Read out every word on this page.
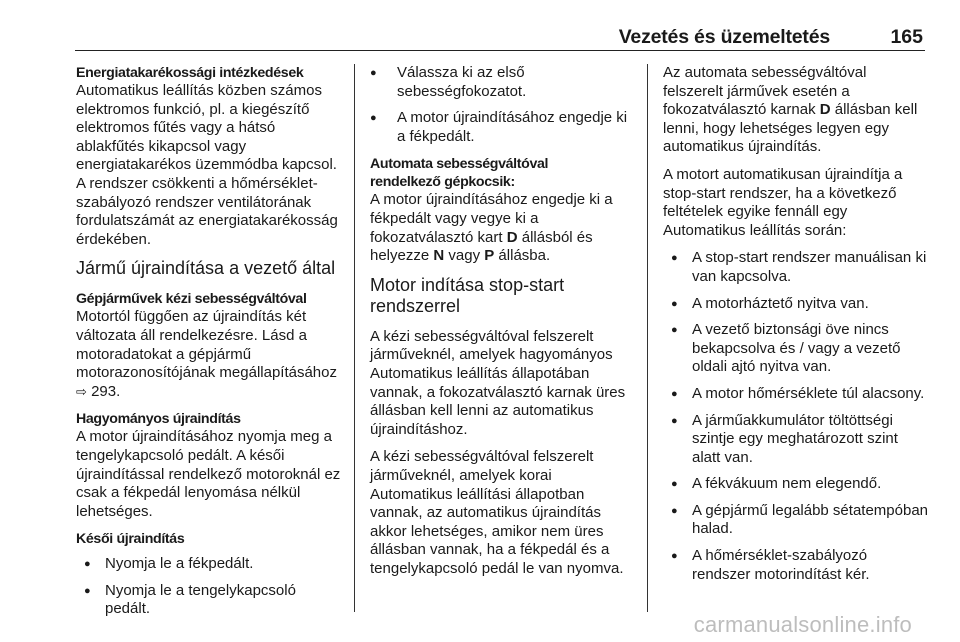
Vezetés és üzemeltetés	165
Energiatakarékossági intézkedések

Automatikus leállítás közben számos elektromos funkció, pl. a kiegészítő elektromos fűtés vagy a hátsó ablakfűtés kikapcsol vagy energiatakarékos üzemmódba kapcsol. A rendszer csökkenti a hőmérséklet-szabályozó rendszer ventilátorának fordulatszámát az energiatakarékosság érdekében.

Jármű újraindítása a vezető által
Gépjárművek kézi sebességváltóval

Motortól függően az újraindítás két változata áll rendelkezésre. Lásd a motoradatokat a gépjármű motorazonosítójának megállapításához ⇨ 293.

Hagyományos újraindítás

A motor újraindításához nyomja meg a tengelykapcsoló pedált. A késői újraindítással rendelkező motoroknál ez csak a fékpedál lenyomása nélkül lehetséges.

Késői újraindítás
● Nyomja le a fékpedált.
● Nyomja le a tengelykapcsoló pedált.
● Válassza ki az első sebességfokozatot.
● A motor újraindításához engedje ki a fékpedált.
Automata sebességváltóval rendelkező gépkocsik:

A motor újraindításához engedje ki a fékpedált vagy vegye ki a fokozatválasztó kart D állásból és helyezze N vagy P állásba.

Motor indítása stop-start rendszerrel

A kézi sebességváltóval felszerelt járműveknél, amelyek hagyományos Automatikus leállítás állapotában vannak, a fokozatválasztó karnak üres állásban kell lenni az automatikus újraindításhoz.

A kézi sebességváltóval felszerelt járműveknél, amelyek korai Automatikus leállítási állapotban vannak, az automatikus újraindítás akkor lehetséges, amikor nem üres állásban vannak, ha a fékpedál és a tengelykapcsoló pedál le van nyomva.

Az automata sebességváltóval felszerelt járművek esetén a fokozatválasztó karnak D állásban kell lenni, hogy lehetséges legyen egy automatikus újraindítás.

A motort automatikusan újraindítja a stop-start rendszer, ha a következő feltételek egyike fennáll egy Automatikus leállítás során:

● A stop-start rendszer manuálisan ki van kapcsolva.
● A motorháztető nyitva van.
● A vezető biztonsági öve nincs bekapcsolva és / vagy a vezető oldali ajtó nyitva van.
● A motor hőmérséklete túl alacsony.
● A járműakkumulátor töltöttségi szintje egy meghatározott szint alatt van.
● A fékvákuum nem elegendő.
● A gépjármű legalább sétatempóban halad.
● A hőmérséklet-szabályozó rendszer motorindítást kér.
carmanualsonline.info
